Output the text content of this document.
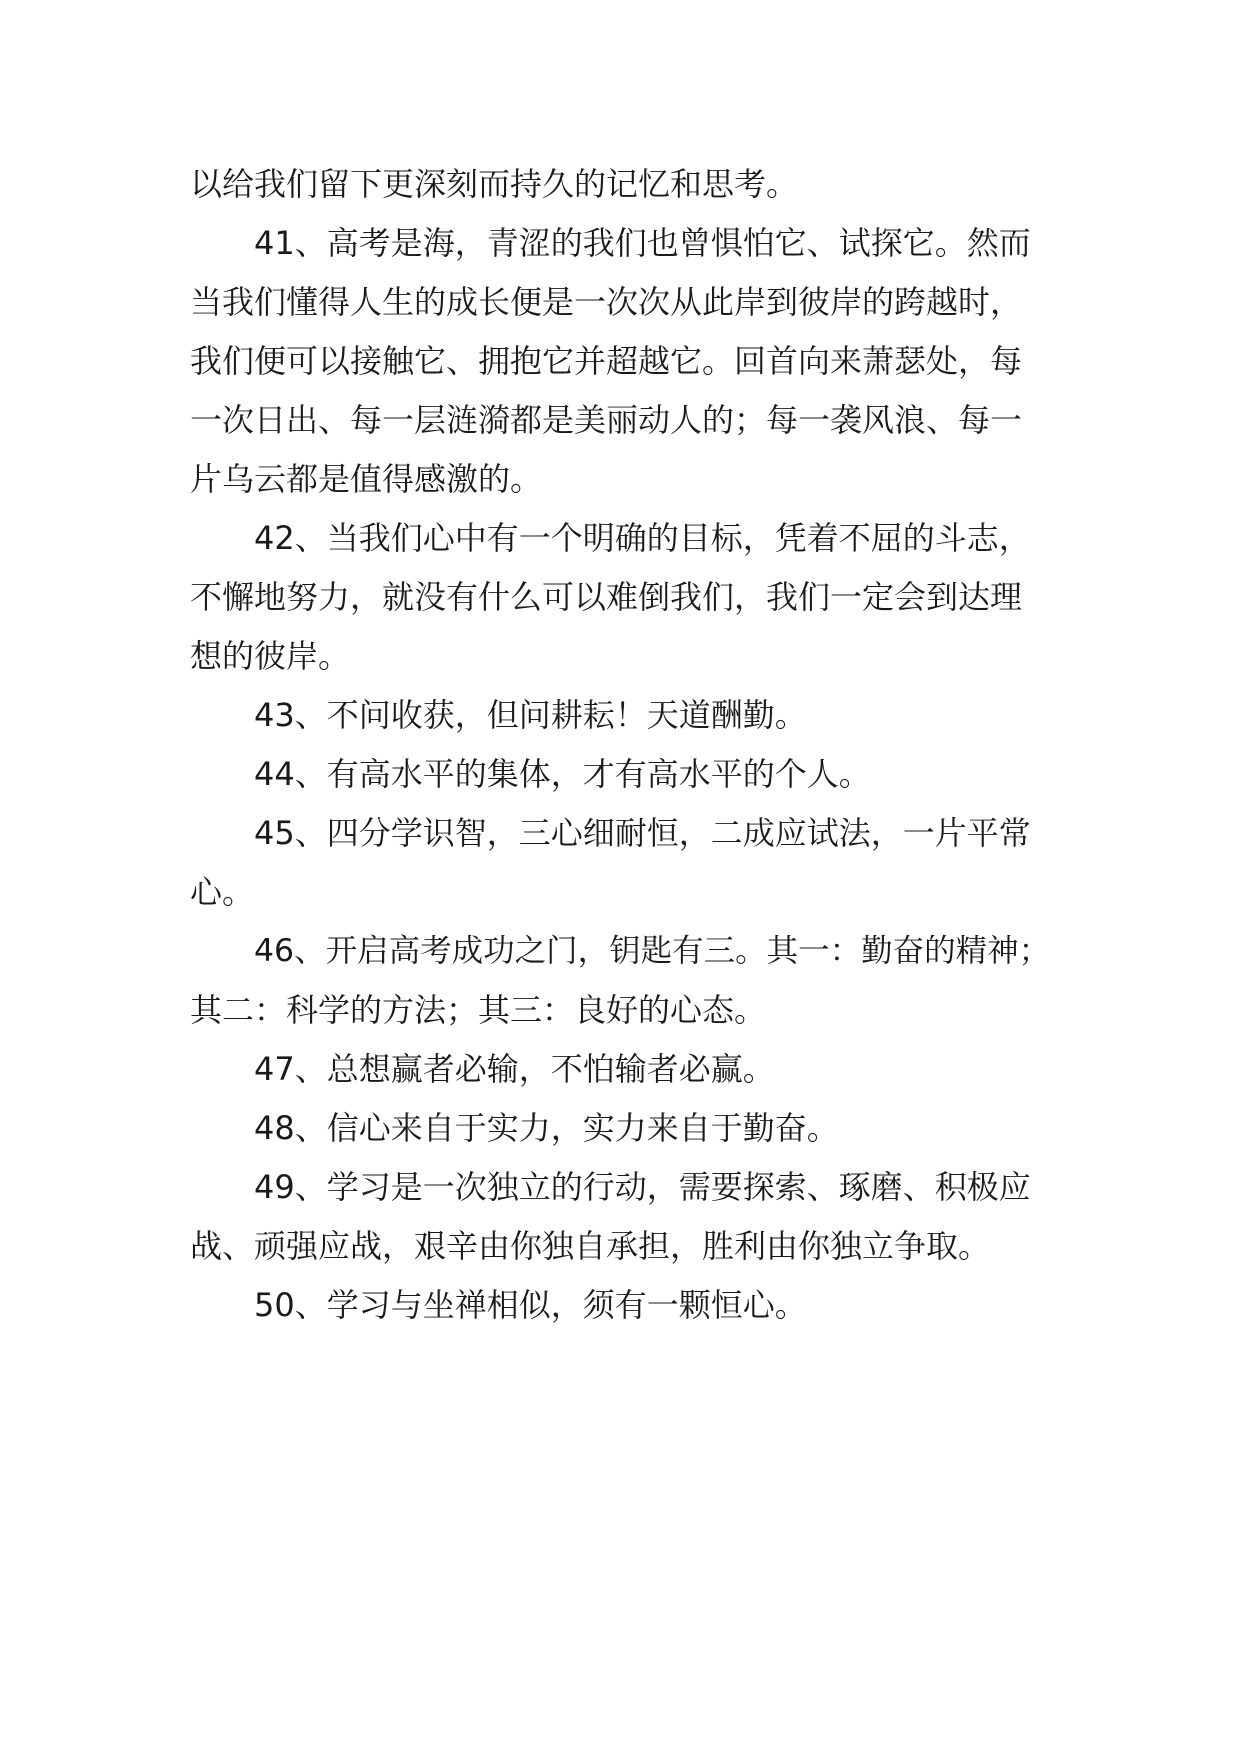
以给我们留下更深刻而持久的记忆和思考。
41、高考是海，青涩的我们也曾惧怕它、试探它。然而
当我们懂得人生的成长便是一次次从此岸到彼岸的跨越时，
我们便可以接触它、拥抱它并超越它。回首向来萧瑟处，每
一次日出、每一层涟漪都是美丽动人的；每一袭风浪、每一
片乌云都是值得感激的。
42、当我们心中有一个明确的目标，凭着不屈的斗志，
不懈地努力，就没有什么可以难倒我们，我们一定会到达理
想的彼岸。
43、不问收获，但问耕耘！天道酬勤。
44、有高水平的集体，才有高水平的个人。
45、四分学识智，三心细耐恒，二成应试法，一片平常
心。
46、开启高考成功之门，钥匙有三。其一：勤奋的精神；
其二：科学的方法；其三：良好的心态。
47、总想赢者必输，不怕输者必赢。
48、信心来自于实力，实力来自于勤奋。
49、学习是一次独立的行动，需要探索、琢磨、积极应
战、顽强应战，艰辛由你独自承担，胜利由你独立争取。
50、学习与坐禅相似，须有一颗恒心。
